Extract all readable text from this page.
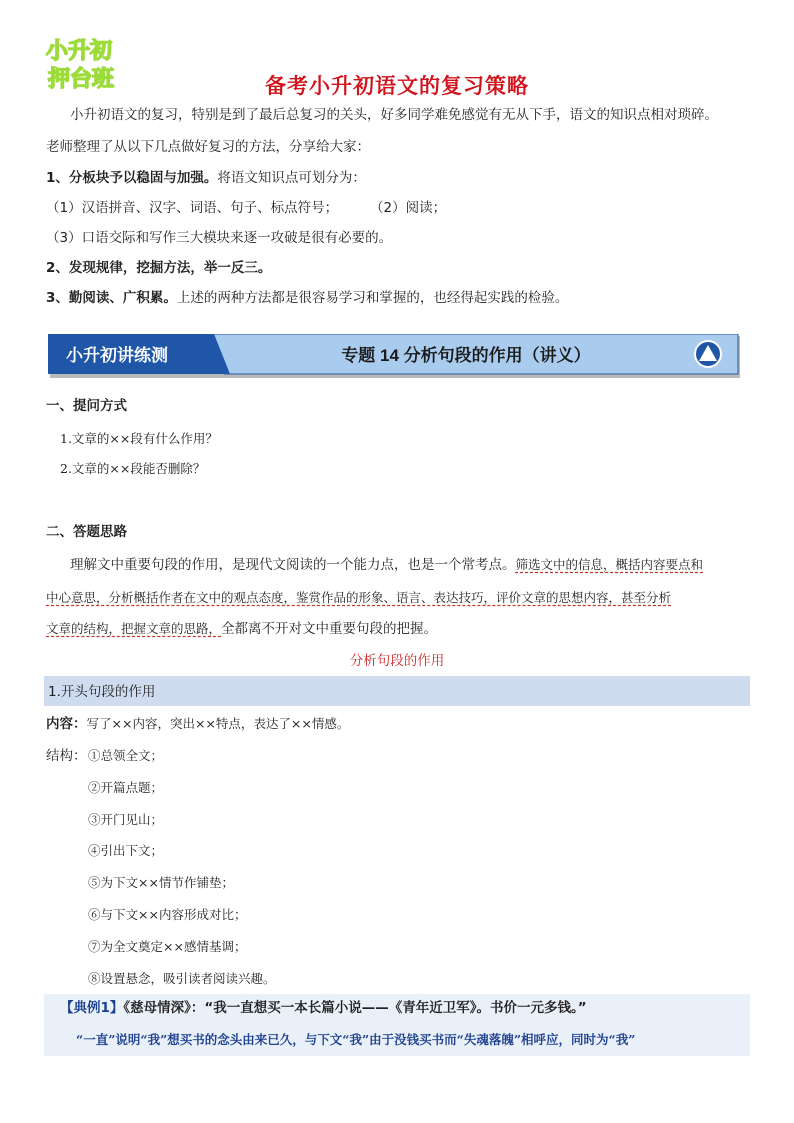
小升初
押台班	备考小升初语文的复习策略
小升初语文的复习，特别是到了最后总复习的关头，好多同学难免感觉有无从下手，语文的知识点相对琐碎。
老师整理了从以下几点做好复习的方法，分享给大家：
1、分板块予以稳固与加强。将语文知识点可划分为：
（1）汉语拼音、汉字、词语、句子、标点符号； （2）阅读；
（3）口语交际和写作三大模块来逐一攻破是很有必要的。
2、发现规律，挖掘方法，举一反三。
3、勤阅读、广积累。上述的两种方法都是很容易学习和掌握的，也经得起实践的检验。
小升初讲练测	专题 14 分析句段的作用（讲义）
一、提问方式
1.文章的××段有什么作用？
2.文章的××段能否删除？
二、答题思路
理解文中重要句段的作用，是现代文阅读的一个能力点，也是一个常考点。筛选文中的信息，概括内容要点和
中心意思，分析概括作者在文中的观点态度，鉴赏作品的形象、语言、表达技巧，评价文章的思想内容，甚至分析
文章的结构，把握文章的思路，全都离不开对文中重要句段的把握。
分析句段的作用
1.开头句段的作用
内容：写了××内容，突出××特点，表达了××情感。
结构： ①总领全文；
②开篇点题；
③开门见山；
④引出下文；
⑤为下文××情节作铺垫；
⑥与下文××内容形成对比；
⑦为全文奠定××感情基调；
⑧设置悬念，吸引读者阅读兴趣。
【典例1】《慈母情深》：“我一直想买一本长篇小说——《青年近卫军》。书价一元多钱。”
“一直”说明“我”想买书的念头由来已久，与下文“我”由于没钱买书而“失魂落魄”相呼应，同时为“我”
